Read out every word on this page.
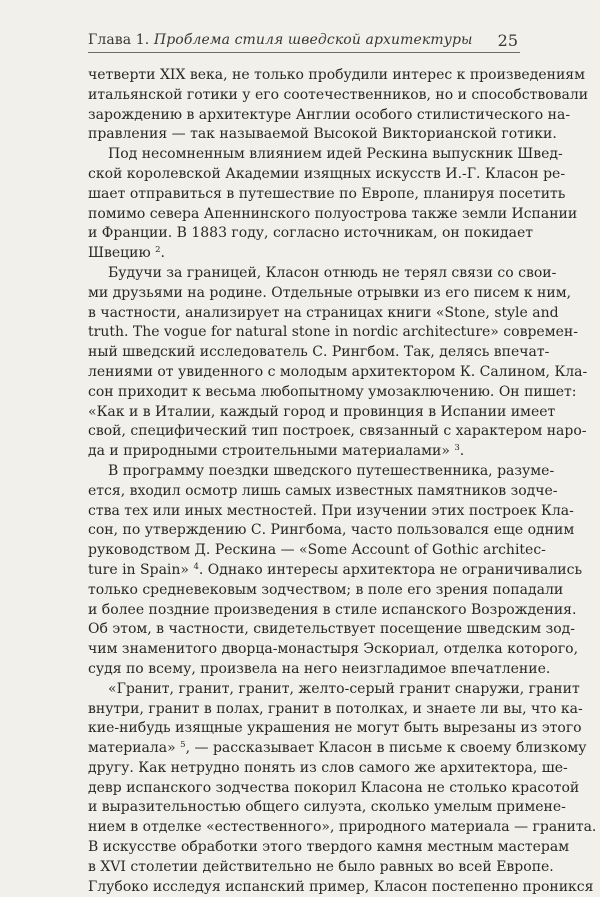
Глава 1. Проблема стиля шведской архитектуры 25
четверти XIX века, не только пробудили интерес к произведениям
итальянской готики у его соотечественников, но и способствовали
зарождению в архитектуре Англии особого стилистического на-
правления — так называемой Высокой Викторианской готики.
Под несомненным влиянием идей Рескина выпускник Швед-
ской королевской Академии изящных искусств И.-Г. Класон ре-
шает отправиться в путешествие по Европе, планируя посетить
помимо севера Апеннинского полуострова также земли Испании
и Франции. В 1883 году, согласно источникам, он покидает
Швецию $^2$.
Будучи за границей, Класон отнюдь не терял связи со свои-
ми друзьями на родине. Отдельные отрывки из его писем к ним,
в частности, анализирует на страницах книги «Stone, style and
truth. The vogue for natural stone in nordic architecture» современ-
ный шведский исследователь С. Рингбом. Так, делясь впечат-
лениями от увиденного с молодым архитектором К. Салином, Кла-
сон приходит к весьма любопытному умозаключению. Он пишет:
«Как и в Италии, каждый город и провинция в Испании имеет
свой, специфический тип построек, связанный с характером наро-
да и природными строительными материалами» $^3$.
В программу поездки шведского путешественника, разуме-
ется, входил осмотр лишь самых известных памятников зодче-
ства тех или иных местностей. При изучении этих построек Кла-
сон, по утверждению С. Рингбома, часто пользовался еще одним
руководством Д. Рескина — «Some Account of Gothic architec-
ture in Spain» $^4$. Однако интересы архитектора не ограничивались
только средневековым зодчеством; в поле его зрения попадали
и более поздние произведения в стиле испанского Возрождения.
Об этом, в частности, свидетельствует посещение шведским зод-
чим знаменитого дворца-монастыря Эскориал, отделка которого,
судя по всему, произвела на него неизгладимое впечатление.
«Гранит, гранит, гранит, желто-серый гранит снаружи, гранит
внутри, гранит в полах, гранит в потолках, и знаете ли вы, что ка-
кие-нибудь изящные украшения не могут быть вырезаны из этого
материала» $^5$, — рассказывает Класон в письме к своему близкому
другу. Как нетрудно понять из слов самого же архитектора, ше-
девр испанского зодчества покорил Класона не столько красотой
и выразительностью общего силуэта, сколько умелым примене-
нием в отделке «естественного», природного материала — гранита.
В искусстве обработки этого твердого камня местным мастерам
в XVI столетии действительно не было равных во всей Европе.
Глубоко исследуя испанский пример, Класон постепенно проникся
